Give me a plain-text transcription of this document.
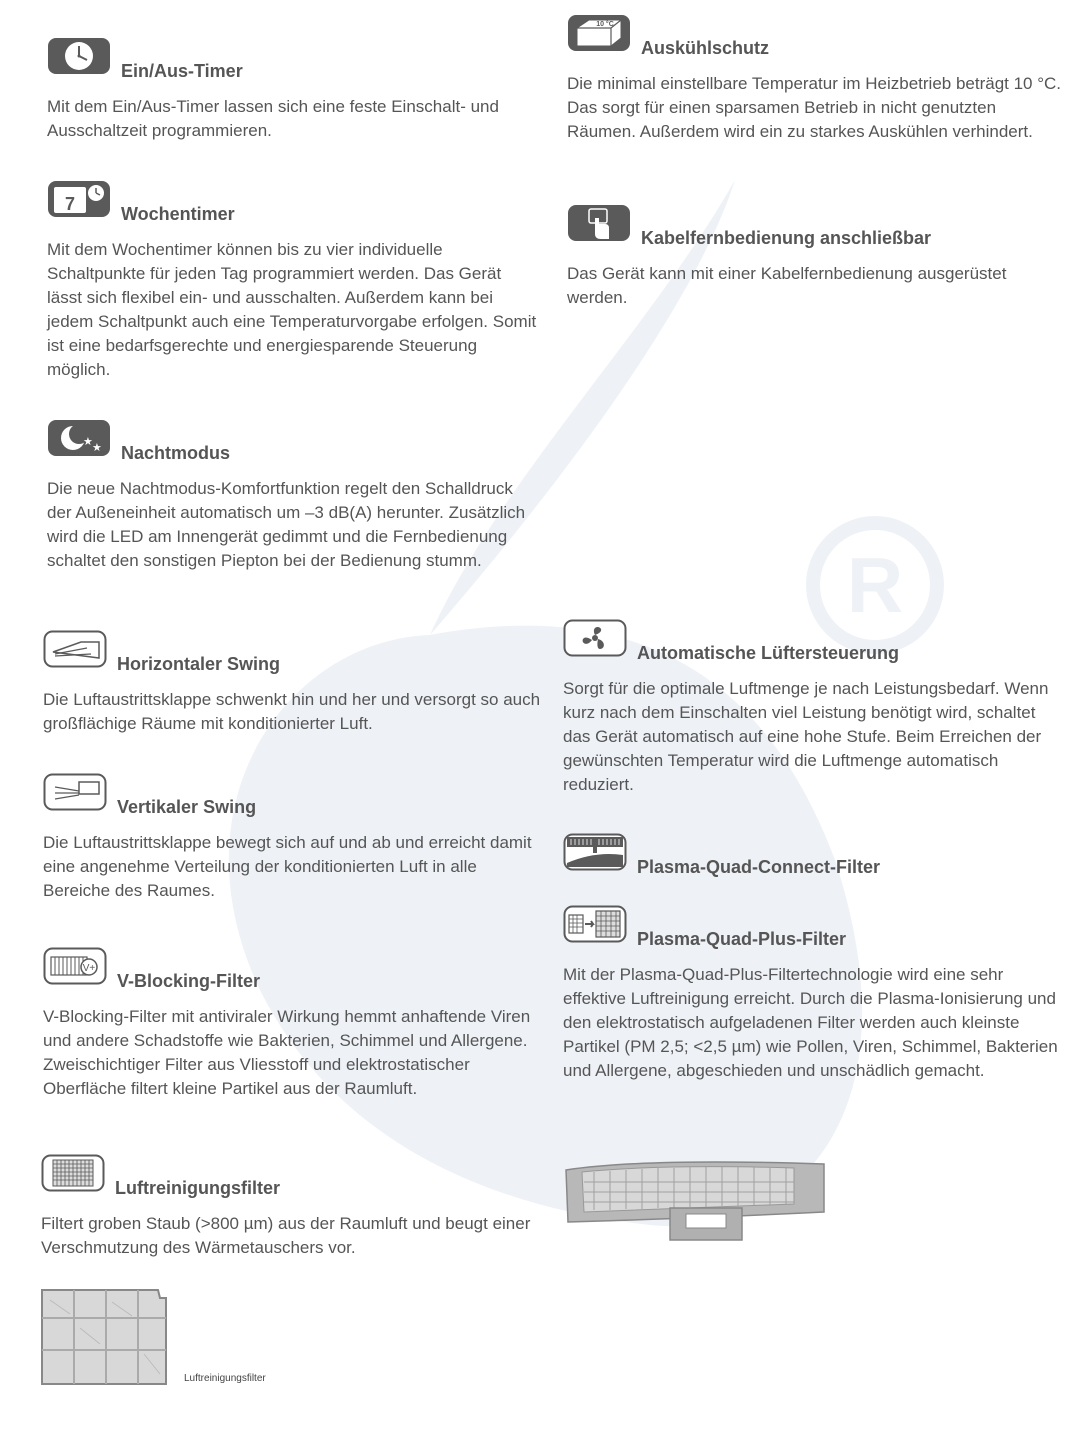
R
Ein/Aus-Timer
Mit dem Ein/Aus-Timer lassen sich eine feste Einschalt- und Ausschaltzeit programmieren.
7	Wochentimer
Mit dem Wochentimer können bis zu vier individuelle Schaltpunkte für jeden Tag programmiert werden. Das Gerät lässt sich flexibel ein- und ausschalten. Außerdem kann bei jedem Schaltpunkt auch eine Temperaturvorgabe erfolgen. Somit ist eine bedarfsgerechte und energiesparende Steuerung möglich.
★ ★ Nachtmodus
Die neue Nachtmodus-Komfortfunktion regelt den Schalldruck der Außeneinheit automatisch um –3 dB(A) herunter. Zusätzlich wird die LED am Innengerät gedimmt und die Fernbedienung schaltet den sonstigen Piepton bei der Bedienung stumm.
Horizontaler Swing
Die Luftaustrittsklappe schwenkt hin und her und versorgt so auch großflächige Räume mit konditionierter Luft.
Vertikaler Swing
Die Luftaustrittsklappe bewegt sich auf und ab und erreicht damit eine angenehme Verteilung der konditionierten Luft in alle Bereiche des Raumes.
V+
V-Blocking-Filter
V-Blocking-Filter mit antiviraler Wirkung hemmt anhaftende Viren und andere Schadstoffe wie Bakterien, Schimmel und Allergene. Zweischichtiger Filter aus Vliesstoff und elektrostatischer Oberfläche filtert kleine Partikel aus der Raumluft.
Luftreinigungsfilter
Filtert groben Staub (>800 µm) aus der Raumluft und beugt einer Verschmutzung des Wärmetauschers vor.
Luftreinigungsfilter
10 °C
Auskühlschutz
Die minimal einstellbare Temperatur im Heizbetrieb beträgt 10 °C. Das sorgt für einen sparsamen Betrieb in nicht genutzten Räumen. Außerdem wird ein zu starkes Auskühlen verhindert.
Kabelfernbedienung anschließbar
Das Gerät kann mit einer Kabelfernbedienung ausgerüstet werden.
Automatische Lüftersteuerung
Sorgt für die optimale Luftmenge je nach Leistungsbedarf. Wenn kurz nach dem Einschalten viel Leistung benötigt wird, schaltet das Gerät automatisch auf eine hohe Stufe. Beim Erreichen der gewünschten Temperatur wird die Luftmenge automatisch reduziert.
Plasma-Quad-Connect-Filter
Plasma-Quad-Plus-Filter
Mit der Plasma-Quad-Plus-Filtertechnologie wird eine sehr effektive Luftreinigung erreicht. Durch die Plasma-Ionisierung und den elektrostatisch aufgeladenen Filter werden auch kleinste Partikel (PM 2,5; <2,5 µm) wie Pollen, Viren, Schimmel, Bakterien und Allergene, abgeschieden und unschädlich gemacht.
